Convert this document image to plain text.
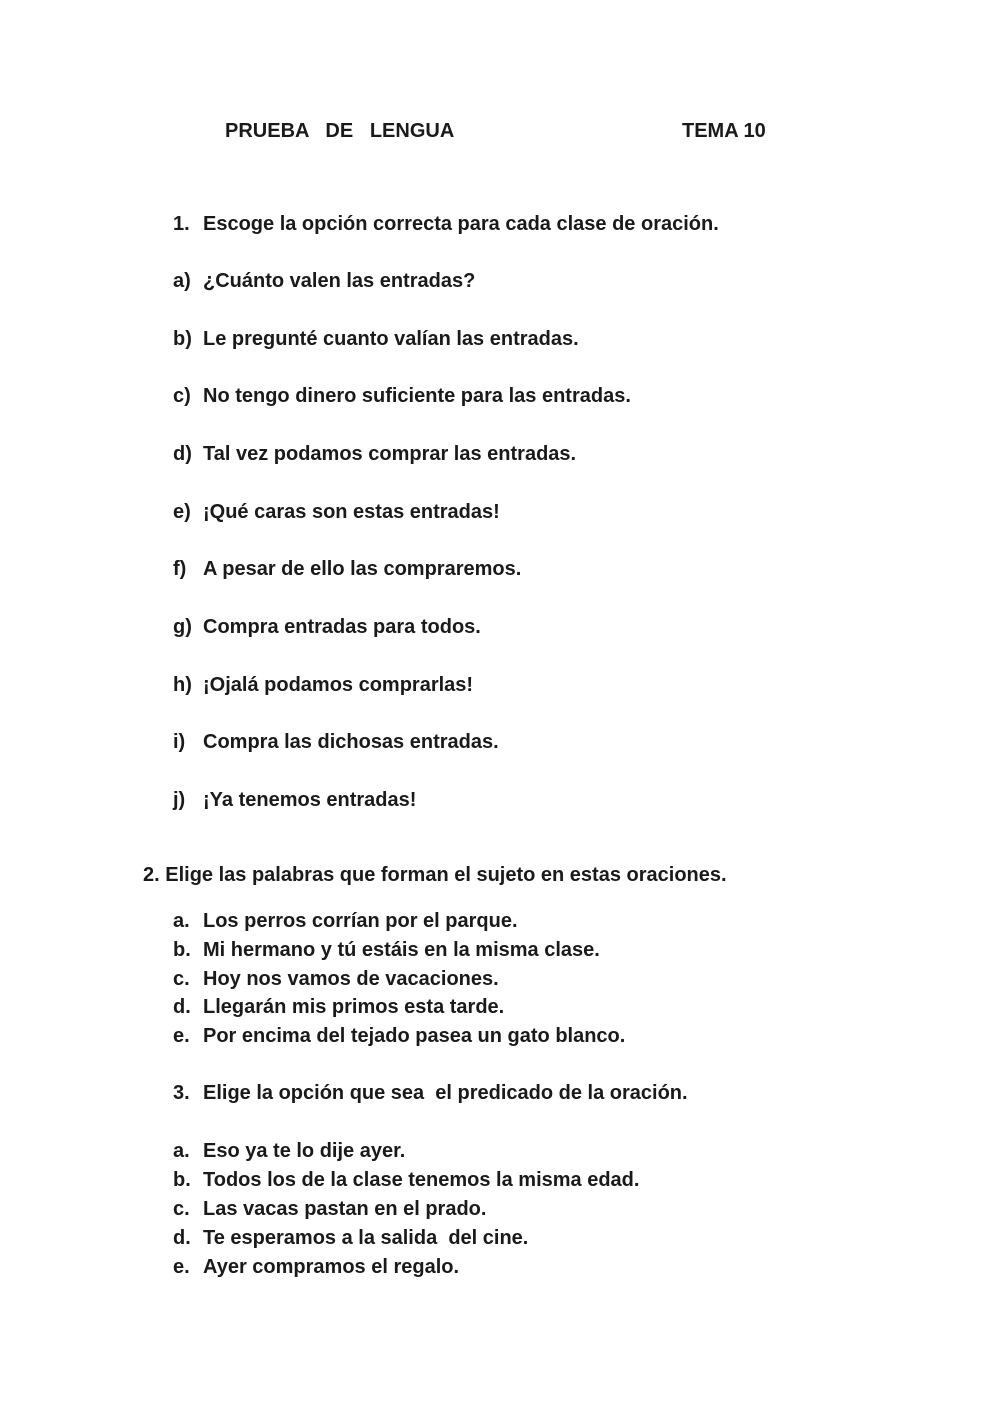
PRUEBA   DE   LENGUA	TEMA 10
1. Escoge la opción correcta para cada clase de oración.
a) ¿Cuánto valen las entradas?
b) Le pregunté cuanto valían las entradas.
c) No tengo dinero suficiente para las entradas.
d) Tal vez podamos comprar las entradas.
e) ¡Qué caras son estas entradas!
f) A pesar de ello las compraremos.
g) Compra entradas para todos.
h) ¡Ojalá podamos comprarlas!
i) Compra las dichosas entradas.
j) ¡Ya tenemos entradas!
2. Elige las palabras que forman el sujeto en estas oraciones.
a. Los perros corrían por el parque.
b. Mi hermano y tú estáis en la misma clase.
c. Hoy nos vamos de vacaciones.
d. Llegarán mis primos esta tarde.
e. Por encima del tejado pasea un gato blanco.
3. Elige la opción que sea  el predicado de la oración.
a. Eso ya te lo dije ayer.
b. Todos los de la clase tenemos la misma edad.
c. Las vacas pastan en el prado.
d. Te esperamos a la salida  del cine.
e. Ayer compramos el regalo.
